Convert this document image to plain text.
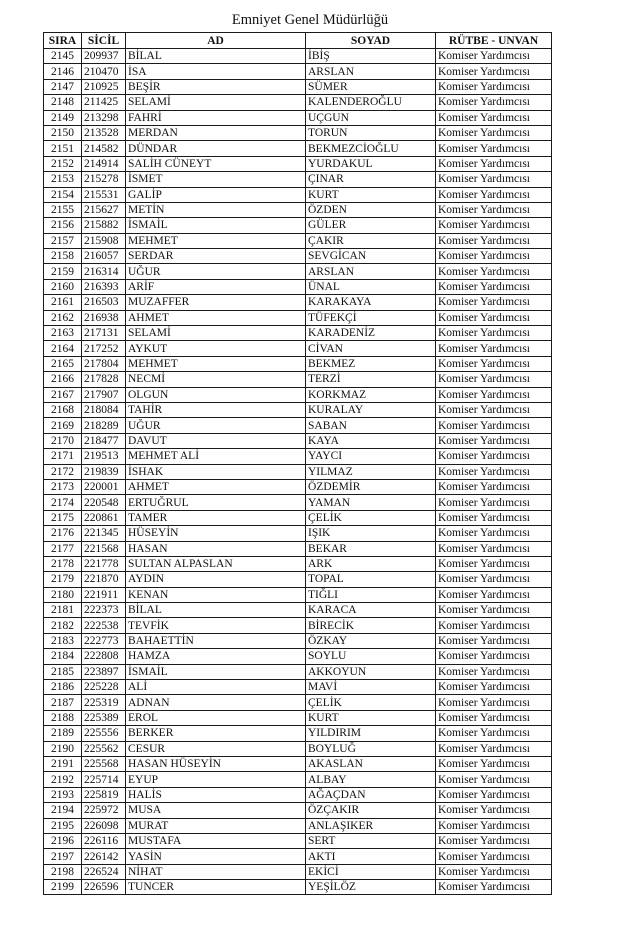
Emniyet Genel Müdürlüğü
SIRA	SİCİL	AD	SOYAD	RÜTBE - UNVAN
2145	209937	BİLAL	İBİŞ	Komiser Yardımcısı
2146	210470	İSA	ARSLAN	Komiser Yardımcısı
2147	210925	BEŞİR	SÜMER	Komiser Yardımcısı
2148	211425	SELAMİ	KALENDEROĞLU	Komiser Yardımcısı
2149	213298	FAHRİ	UÇGUN	Komiser Yardımcısı
2150	213528	MERDAN	TORUN	Komiser Yardımcısı
2151	214582	DÜNDAR	BEKMEZCİOĞLU	Komiser Yardımcısı
2152	214914	SALİH CÜNEYT	YURDAKUL	Komiser Yardımcısı
2153	215278	İSMET	ÇINAR	Komiser Yardımcısı
2154	215531	GALİP	KURT	Komiser Yardımcısı
2155	215627	METİN	ÖZDEN	Komiser Yardımcısı
2156	215882	İSMAİL	GÜLER	Komiser Yardımcısı
2157	215908	MEHMET	ÇAKIR	Komiser Yardımcısı
2158	216057	SERDAR	SEVGİCAN	Komiser Yardımcısı
2159	216314	UĞUR	ARSLAN	Komiser Yardımcısı
2160	216393	ARİF	ÜNAL	Komiser Yardımcısı
2161	216503	MUZAFFER	KARAKAYA	Komiser Yardımcısı
2162	216938	AHMET	TÜFEKÇİ	Komiser Yardımcısı
2163	217131	SELAMİ	KARADENİZ	Komiser Yardımcısı
2164	217252	AYKUT	CİVAN	Komiser Yardımcısı
2165	217804	MEHMET	BEKMEZ	Komiser Yardımcısı
2166	217828	NECMİ	TERZİ	Komiser Yardımcısı
2167	217907	OLGUN	KORKMAZ	Komiser Yardımcısı
2168	218084	TAHİR	KURALAY	Komiser Yardımcısı
2169	218289	UĞUR	SABAN	Komiser Yardımcısı
2170	218477	DAVUT	KAYA	Komiser Yardımcısı
2171	219513	MEHMET ALİ	YAYCI	Komiser Yardımcısı
2172	219839	İSHAK	YILMAZ	Komiser Yardımcısı
2173	220001	AHMET	ÖZDEMİR	Komiser Yardımcısı
2174	220548	ERTUĞRUL	YAMAN	Komiser Yardımcısı
2175	220861	TAMER	ÇELİK	Komiser Yardımcısı
2176	221345	HÜSEYİN	IŞIK	Komiser Yardımcısı
2177	221568	HASAN	BEKAR	Komiser Yardımcısı
2178	221778	SULTAN ALPASLAN	ARK	Komiser Yardımcısı
2179	221870	AYDIN	TOPAL	Komiser Yardımcısı
2180	221911	KENAN	TIĞLI	Komiser Yardımcısı
2181	222373	BİLAL	KARACA	Komiser Yardımcısı
2182	222538	TEVFİK	BİRECİK	Komiser Yardımcısı
2183	222773	BAHAETTİN	ÖZKAY	Komiser Yardımcısı
2184	222808	HAMZA	SOYLU	Komiser Yardımcısı
2185	223897	İSMAİL	AKKOYUN	Komiser Yardımcısı
2186	225228	ALİ	MAVİ	Komiser Yardımcısı
2187	225319	ADNAN	ÇELİK	Komiser Yardımcısı
2188	225389	EROL	KURT	Komiser Yardımcısı
2189	225556	BERKER	YILDIRIM	Komiser Yardımcısı
2190	225562	CESUR	BOYLUĞ	Komiser Yardımcısı
2191	225568	HASAN HÜSEYİN	AKASLAN	Komiser Yardımcısı
2192	225714	EYUP	ALBAY	Komiser Yardımcısı
2193	225819	HALİS	AĞAÇDAN	Komiser Yardımcısı
2194	225972	MUSA	ÖZÇAKIR	Komiser Yardımcısı
2195	226098	MURAT	ANLAŞIKER	Komiser Yardımcısı
2196	226116	MUSTAFA	SERT	Komiser Yardımcısı
2197	226142	YASİN	AKTI	Komiser Yardımcısı
2198	226524	NİHAT	EKİCİ	Komiser Yardımcısı
2199	226596	TUNCER	YEŞİLÖZ	Komiser Yardımcısı
